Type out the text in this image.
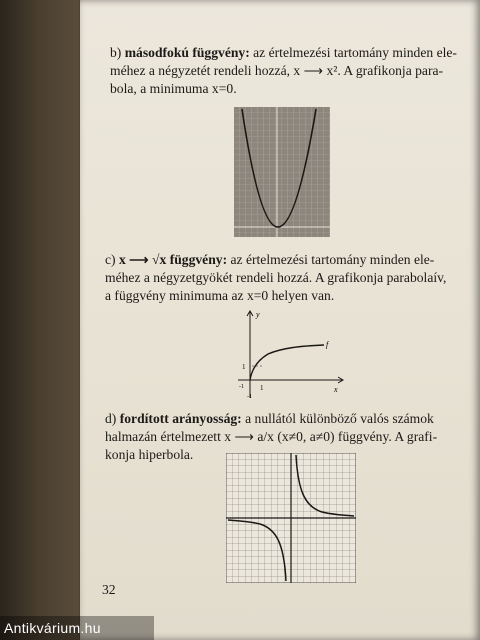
b) másodfokú függvény: az értelmezési tartomány minden ele-
méhez a négyzetét rendeli hozzá, x ⟶ x². A grafikonja para-
bola, a minimuma x=0.
c) x ⟶ √x függvény: az értelmezési tartomány minden ele-
méhez a négyzetgyökét rendeli hozzá. A grafikonja parabolaív,
a függvény minimuma az x=0 helyen van.
y
x
f
1
1
-1
-1
d) fordított arányosság: a nullától különböző valós számok
halmazán értelmezett x ⟶ a/x (x≠0, a≠0) függvény. A grafi-
konja hiperbola.
32
Antikvárium.hu
